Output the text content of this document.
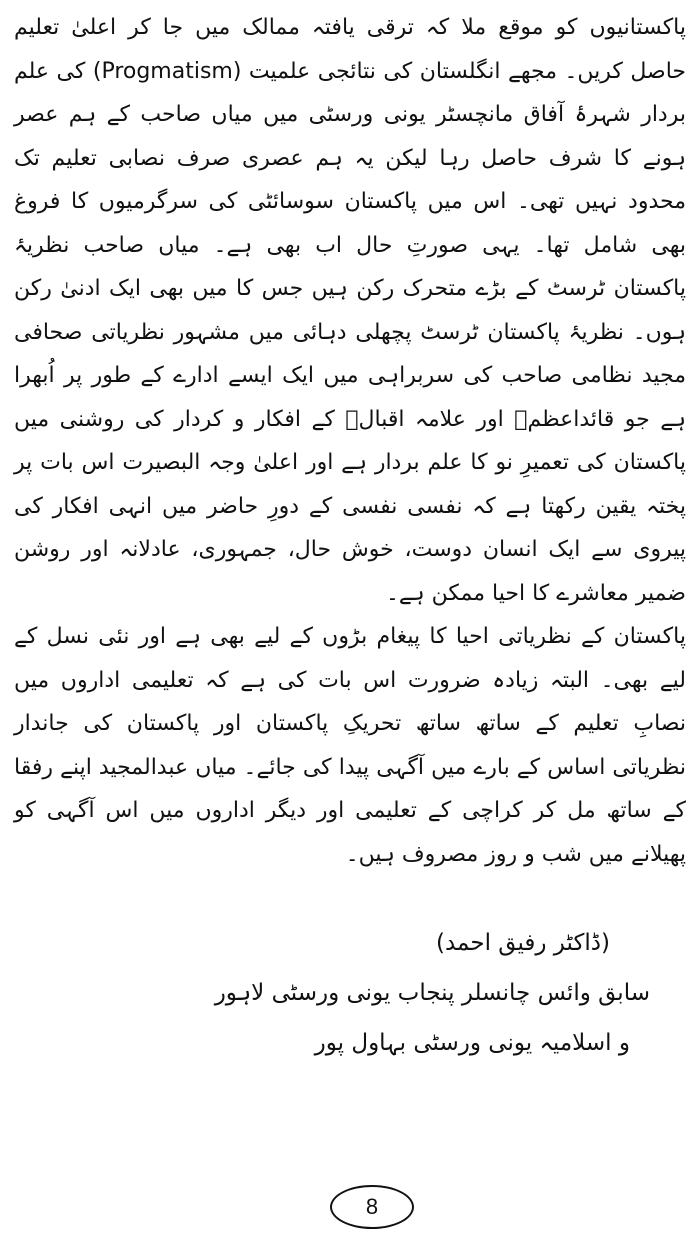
پاکستانیوں کو موقع ملا کہ ترقی یافتہ ممالک میں جا کر اعلیٰ تعلیم حاصل کریں۔ مجھے انگلستان کی نتائجی علمیت (Progmatism) کی علم بردار شہرۂ آفاق مانچسٹر یونی ورسٹی میں میاں صاحب کے ہم عصر ہونے کا شرف حاصل رہا لیکن یہ ہم عصری صرف نصابی تعلیم تک محدود نہیں تھی۔ اس میں پاکستان سوسائٹی کی سرگرمیوں کا فروغ بھی شامل تھا۔ یہی صورتِ حال اب بھی ہے۔ میاں صاحب نظریۂ پاکستان ٹرسٹ کے بڑے متحرک رکن ہیں جس کا میں بھی ایک ادنیٰ رکن ہوں۔ نظریۂ پاکستان ٹرسٹ پچھلی دہائی میں مشہور نظریاتی صحافی مجید نظامی صاحب کی سربراہی میں ایک ایسے ادارے کے طور پر اُبھرا ہے جو قائداعظمؒ اور علامہ اقبالؒ کے افکار و کردار کی روشنی میں پاکستان کی تعمیرِ نو کا علم بردار ہے اور اعلیٰ وجہ البصیرت اس بات پر پختہ یقین رکھتا ہے کہ نفسی نفسی کے دورِ حاضر میں انہی افکار کی پیروی سے ایک انسان دوست، خوش حال، جمہوری، عادلانہ اور روشن ضمیر معاشرے کا احیا ممکن ہے۔

پاکستان کے نظریاتی احیا کا پیغام بڑوں کے لیے بھی ہے اور نئی نسل کے لیے بھی۔ البتہ زیادہ ضرورت اس بات کی ہے کہ تعلیمی اداروں میں نصابِ تعلیم کے ساتھ ساتھ تحریکِ پاکستان اور پاکستان کی جاندار نظریاتی اساس کے بارے میں آگہی پیدا کی جائے۔ میاں عبدالمجید اپنے رفقا کے ساتھ مل کر کراچی کے تعلیمی اور دیگر اداروں میں اس آگہی کو پھیلانے میں شب و روز مصروف ہیں۔

(ڈاکٹر رفیق احمد)
سابق وائس چانسلر پنجاب یونی ورسٹی لاہور
و اسلامیہ یونی ورسٹی بہاول پور
8
